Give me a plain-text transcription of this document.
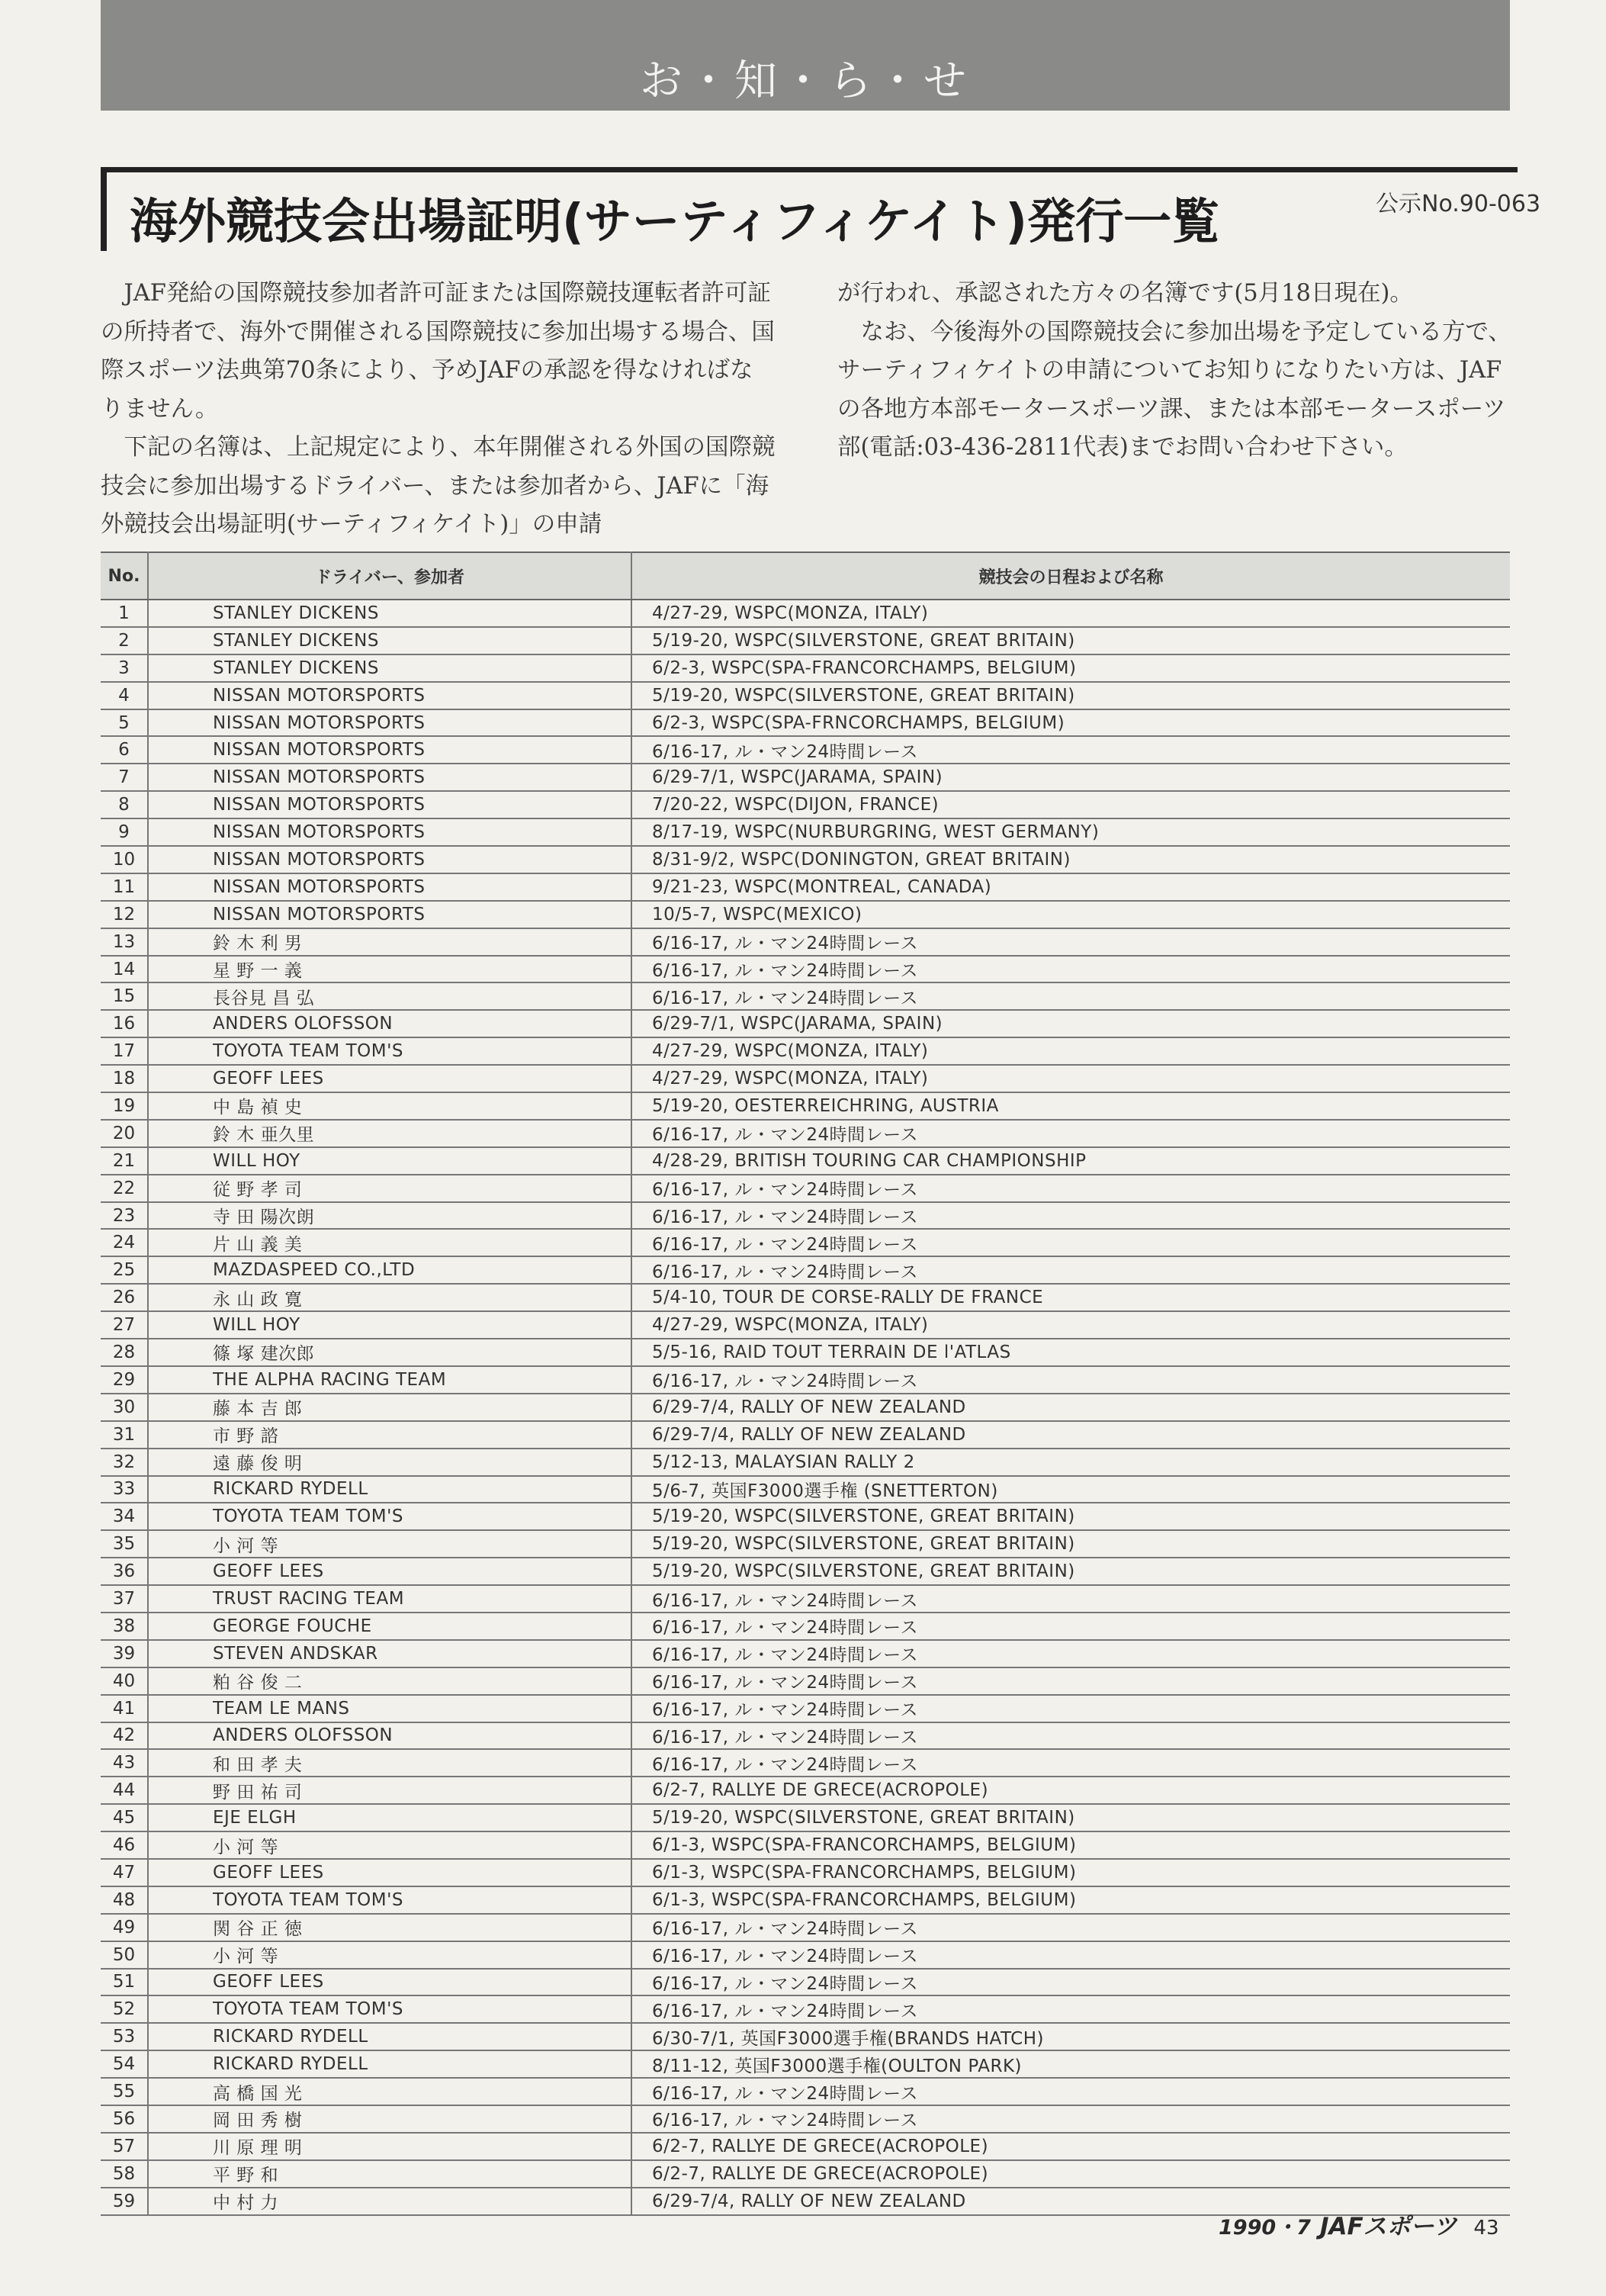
お・知・ら・せ
海外競技会出場証明(サーティフィケイト)発行一覧	公示No.90-063

JAF発給の国際競技参加者許可証または国際競技運転者許可証の所持者で、海外で開催される国際競技に参加出場する場合、国際スポーツ法典第70条により、予めJAFの承認を得なければなりません。

下記の名簿は、上記規定により、本年開催される外国の国際競技会に参加出場するドライバー、または参加者から、JAFに「海外競技会出場証明(サーティフィケイト)」の申請

が行われ、承認された方々の名簿です(5月18日現在)。

なお、今後海外の国際競技会に参加出場を予定している方で、サーティフィケイトの申請についてお知りになりたい方は、JAFの各地方本部モータースポーツ課、または本部モータースポーツ部(電話:03-436-2811代表)までお問い合わせ下さい。

No.	ドライバー、参加者	競技会の日程および名称
1	STANLEY DICKENS	4/27-29, WSPC(MONZA, ITALY)
2	STANLEY DICKENS	5/19-20, WSPC(SILVERSTONE, GREAT BRITAIN)
3	STANLEY DICKENS	6/2-3, WSPC(SPA-FRANCORCHAMPS, BELGIUM)
4	NISSAN MOTORSPORTS	5/19-20, WSPC(SILVERSTONE, GREAT BRITAIN)
5	NISSAN MOTORSPORTS	6/2-3, WSPC(SPA-FRNCORCHAMPS, BELGIUM)
6	NISSAN MOTORSPORTS	6/16-17, ル・マン24時間レース
7	NISSAN MOTORSPORTS	6/29-7/1, WSPC(JARAMA, SPAIN)
8	NISSAN MOTORSPORTS	7/20-22, WSPC(DIJON, FRANCE)
9	NISSAN MOTORSPORTS	8/17-19, WSPC(NURBURGRING, WEST GERMANY)
10	NISSAN MOTORSPORTS	8/31-9/2, WSPC(DONINGTON, GREAT BRITAIN)
11	NISSAN MOTORSPORTS	9/21-23, WSPC(MONTREAL, CANADA)
12	NISSAN MOTORSPORTS	10/5-7, WSPC(MEXICO)
13	鈴 木 利 男	6/16-17, ル・マン24時間レース
14	星 野 一 義	6/16-17, ル・マン24時間レース
15	長谷見 昌 弘	6/16-17, ル・マン24時間レース
16	ANDERS OLOFSSON	6/29-7/1, WSPC(JARAMA, SPAIN)
17	TOYOTA TEAM TOM'S	4/27-29, WSPC(MONZA, ITALY)
18	GEOFF LEES	4/27-29, WSPC(MONZA, ITALY)
19	中 島 禎 史	5/19-20, OESTERREICHRING, AUSTRIA
20	鈴 木 亜久里	6/16-17, ル・マン24時間レース
21	WILL HOY	4/28-29, BRITISH TOURING CAR CHAMPIONSHIP
22	従 野 孝 司	6/16-17, ル・マン24時間レース
23	寺 田 陽次朗	6/16-17, ル・マン24時間レース
24	片 山 義 美	6/16-17, ル・マン24時間レース
25	MAZDASPEED CO.,LTD	6/16-17, ル・マン24時間レース
26	永 山 政 寛	5/4-10, TOUR DE CORSE-RALLY DE FRANCE
27	WILL HOY	4/27-29, WSPC(MONZA, ITALY)
28	篠 塚 建次郎	5/5-16, RAID TOUT TERRAIN DE l'ATLAS
29	THE ALPHA RACING TEAM	6/16-17, ル・マン24時間レース
30	藤 本 吉 郎	6/29-7/4, RALLY OF NEW ZEALAND
31	市 野 諮	6/29-7/4, RALLY OF NEW ZEALAND
32	遠 藤 俊 明	5/12-13, MALAYSIAN RALLY 2
33	RICKARD RYDELL	5/6-7, 英国F3000選手権 (SNETTERTON)
34	TOYOTA TEAM TOM'S	5/19-20, WSPC(SILVERSTONE, GREAT BRITAIN)
35	小 河 等	5/19-20, WSPC(SILVERSTONE, GREAT BRITAIN)
36	GEOFF LEES	5/19-20, WSPC(SILVERSTONE, GREAT BRITAIN)
37	TRUST RACING TEAM	6/16-17, ル・マン24時間レース
38	GEORGE FOUCHE	6/16-17, ル・マン24時間レース
39	STEVEN ANDSKAR	6/16-17, ル・マン24時間レース
40	粕 谷 俊 二	6/16-17, ル・マン24時間レース
41	TEAM LE MANS	6/16-17, ル・マン24時間レース
42	ANDERS OLOFSSON	6/16-17, ル・マン24時間レース
43	和 田 孝 夫	6/16-17, ル・マン24時間レース
44	野 田 祐 司	6/2-7, RALLYE DE GRECE(ACROPOLE)
45	EJE ELGH	5/19-20, WSPC(SILVERSTONE, GREAT BRITAIN)
46	小 河 等	6/1-3, WSPC(SPA-FRANCORCHAMPS, BELGIUM)
47	GEOFF LEES	6/1-3, WSPC(SPA-FRANCORCHAMPS, BELGIUM)
48	TOYOTA TEAM TOM'S	6/1-3, WSPC(SPA-FRANCORCHAMPS, BELGIUM)
49	関 谷 正 徳	6/16-17, ル・マン24時間レース
50	小 河 等	6/16-17, ル・マン24時間レース
51	GEOFF LEES	6/16-17, ル・マン24時間レース
52	TOYOTA TEAM TOM'S	6/16-17, ル・マン24時間レース
53	RICKARD RYDELL	6/30-7/1, 英国F3000選手権(BRANDS HATCH)
54	RICKARD RYDELL	8/11-12, 英国F3000選手権(OULTON PARK)
55	高 橋 国 光	6/16-17, ル・マン24時間レース
56	岡 田 秀 樹	6/16-17, ル・マン24時間レース
57	川 原 理 明	6/2-7, RALLYE DE GRECE(ACROPOLE)
58	平 野 和	6/2-7, RALLYE DE GRECE(ACROPOLE)
59	中 村 力	6/29-7/4, RALLY OF NEW ZEALAND
1990・7 JAFスポーツ 43
